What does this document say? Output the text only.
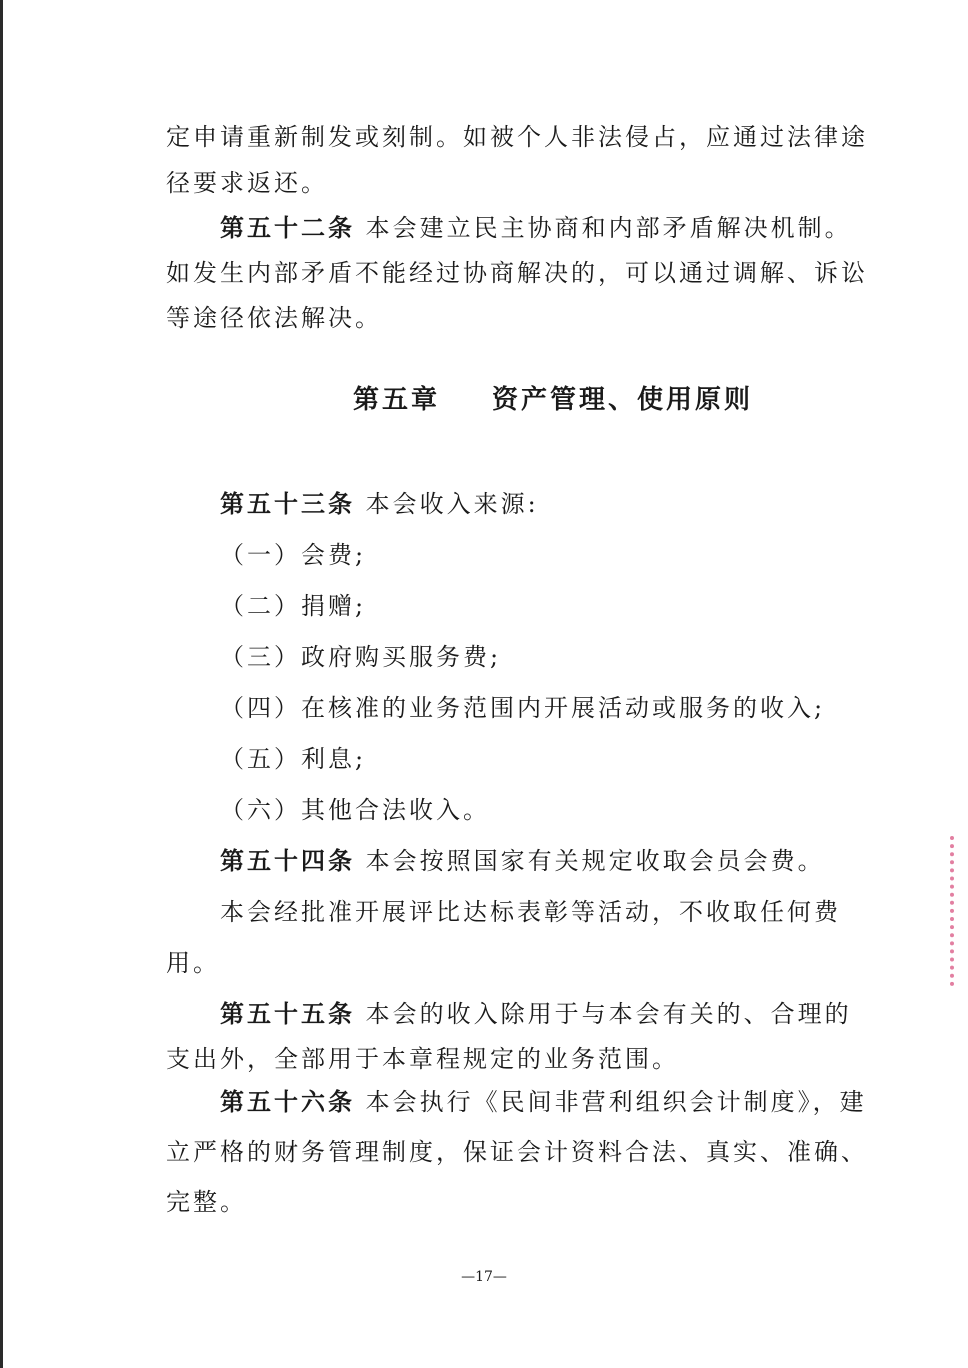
定申请重新制发或刻制。如被个人非法侵占，应通过法律途
径要求返还。
第五十二条 本会建立民主协商和内部矛盾解决机制。
如发生内部矛盾不能经过协商解决的，可以通过调解、诉讼
等途径依法解决。
第五章 资产管理、使用原则
第五十三条 本会收入来源:
（一）会费;
（二）捐赠;
（三）政府购买服务费;
（四）在核准的业务范围内开展活动或服务的收入;
（五）利息;
（六）其他合法收入。
第五十四条 本会按照国家有关规定收取会员会费。
本会经批准开展评比达标表彰等活动，不收取任何费
用。
第五十五条 本会的收入除用于与本会有关的、合理的
支出外，全部用于本章程规定的业务范围。
第五十六条 本会执行《民间非营利组织会计制度》，建
立严格的财务管理制度，保证会计资料合法、真实、准确、
完整。
—17—
